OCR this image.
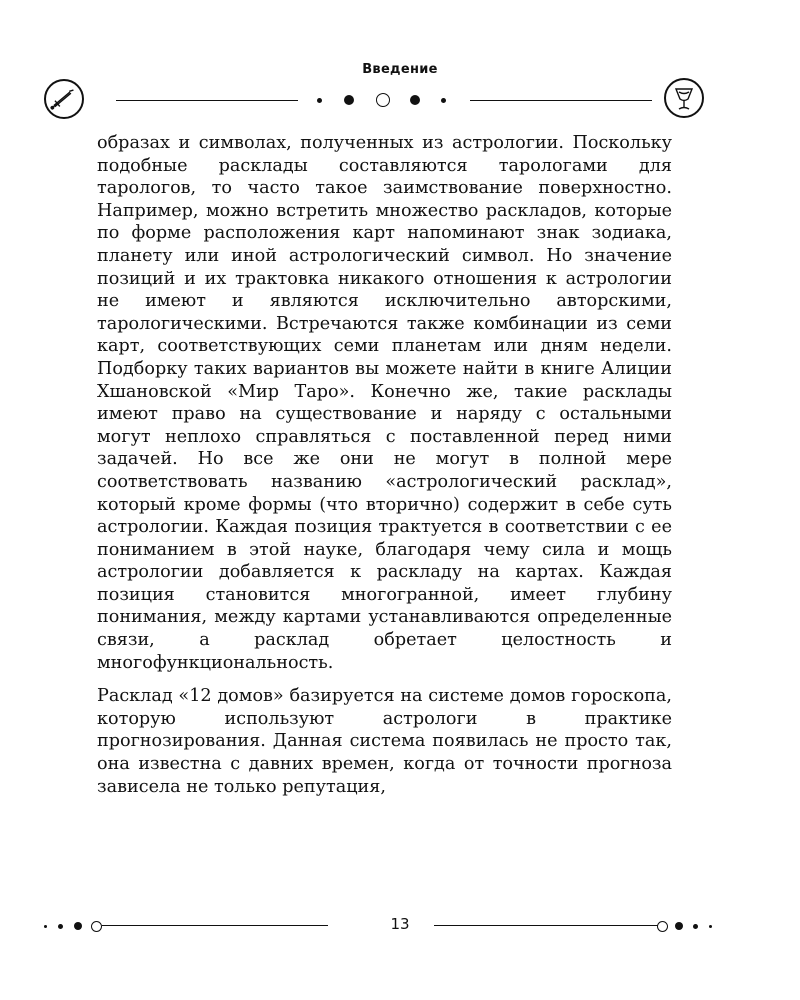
Введение

образах и символах, полученных из астрологии. Поскольку подобные расклады составляются тарологами для тарологов, то часто такое заимствование поверхностно. Например, можно встретить множество раскладов, которые по форме расположения карт напоминают знак зодиака, планету или иной астрологический символ. Но значение позиций и их трактовка никакого отношения к астрологии не имеют и являются исключительно авторскими, тарологическими. Встречаются также комбинации из семи карт, соответствующих семи планетам или дням недели. Подборку таких вариантов вы можете найти в книге Алиции Хшановской «Мир Таро». Конечно же, такие расклады имеют право на существование и наряду с остальными могут неплохо справляться с поставленной перед ними задачей. Но все же они не могут в полной мере соответствовать названию «астрологический расклад», который кроме формы (что вторично) содержит в себе суть астрологии. Каждая позиция трактуется в соответствии с ее пониманием в этой науке, благодаря чему сила и мощь астрологии добавляется к раскладу на картах. Каждая позиция становится многогранной, имеет глубину понимания, между картами устанавливаются определенные связи, а расклад обретает целостность и многофункциональность.

Расклад «12 домов» базируется на системе домов гороскопа, которую используют астрологи в практике прогнозирования. Данная система появилась не просто так, она известна с давних времен, когда от точности прогноза зависела не только репутация,

13
